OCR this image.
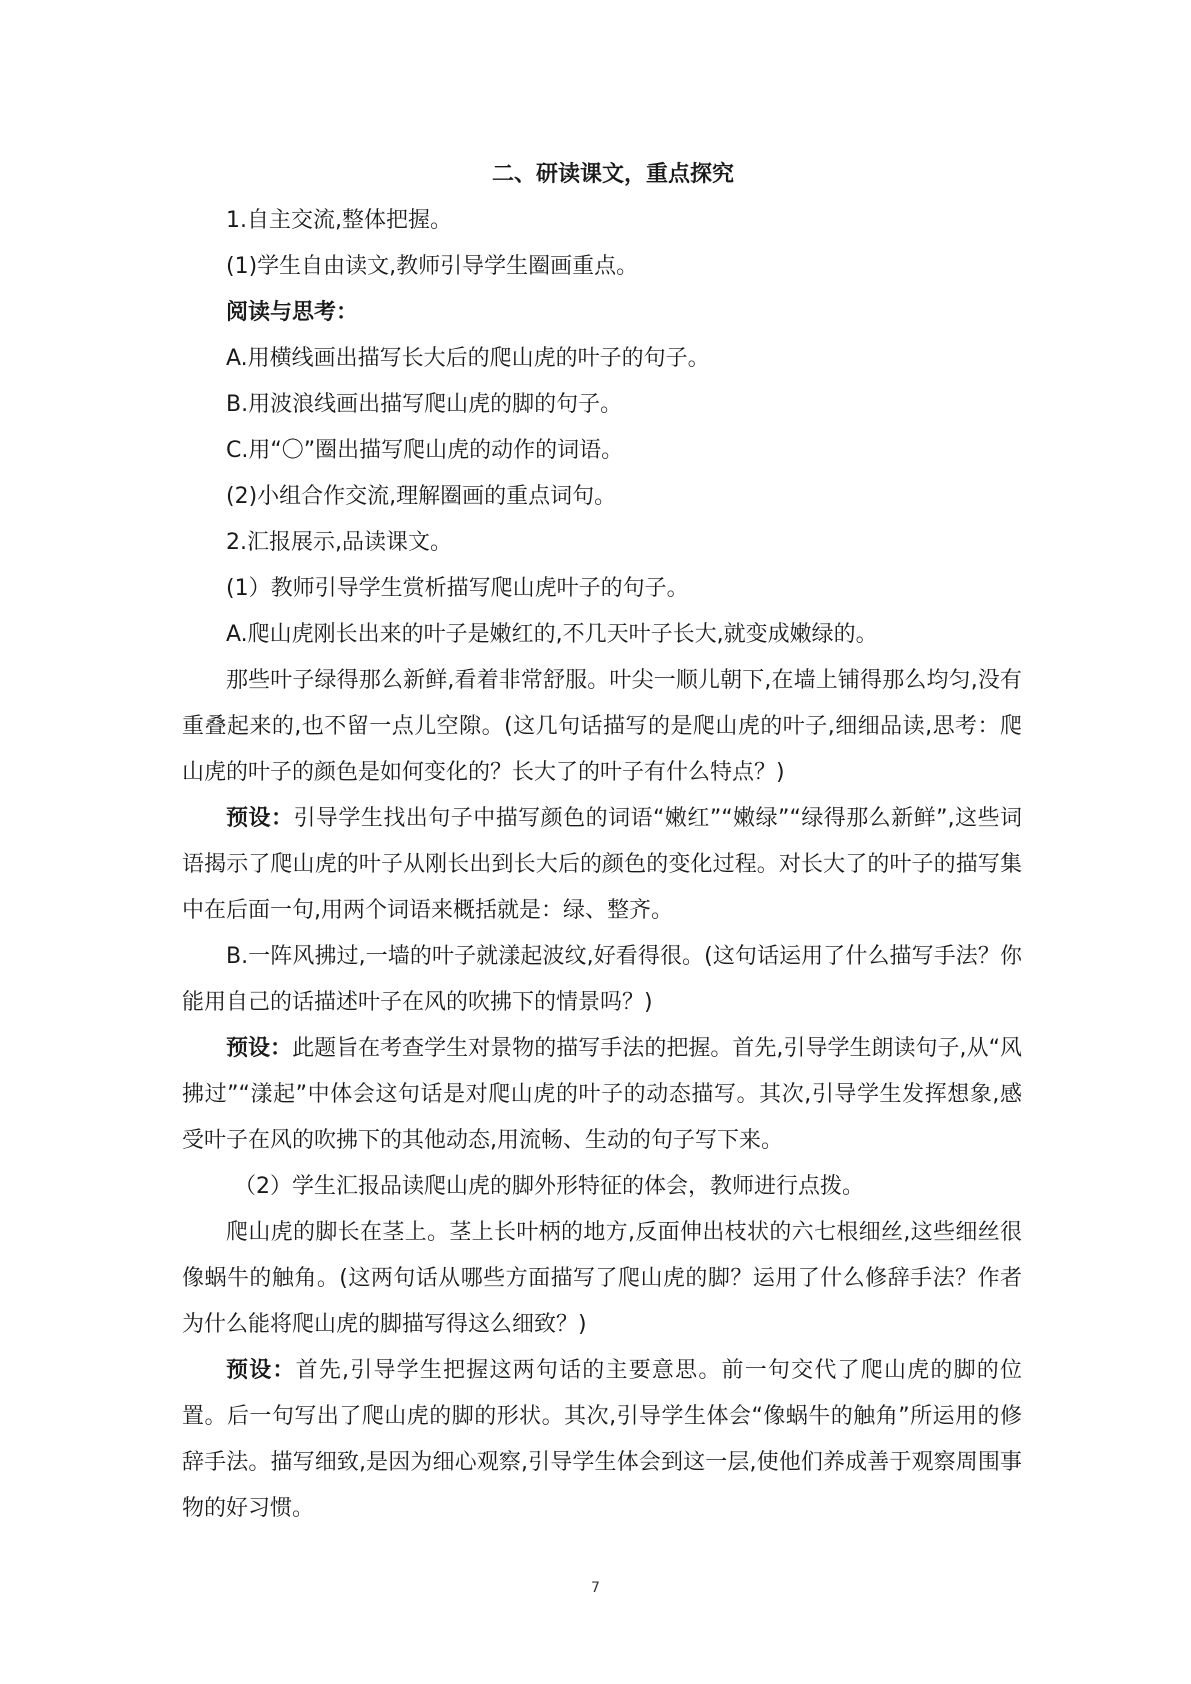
二、研读课文，重点探究

1.自主交流,整体把握。

(1)学生自由读文,教师引导学生圈画重点。

阅读与思考：

A.用横线画出描写长大后的爬山虎的叶子的句子。

B.用波浪线画出描写爬山虎的脚的句子。

C.用“〇”圈出描写爬山虎的动作的词语。

(2)小组合作交流,理解圈画的重点词句。

2.汇报展示,品读课文。

(1）教师引导学生赏析描写爬山虎叶子的句子。

A.爬山虎刚长出来的叶子是嫩红的,不几天叶子长大,就变成嫩绿的。

那些叶子绿得那么新鲜,看着非常舒服。叶尖一顺儿朝下,在墙上铺得那么均匀,没有重叠起来的,也不留一点儿空隙。(这几句话描写的是爬山虎的叶子,细细品读,思考：爬山虎的叶子的颜色是如何变化的？长大了的叶子有什么特点？)

预设：引导学生找出句子中描写颜色的词语“嫩红”“嫩绿”“绿得那么新鲜”,这些词语揭示了爬山虎的叶子从刚长出到长大后的颜色的变化过程。对长大了的叶子的描写集中在后面一句,用两个词语来概括就是：绿、整齐。

B.一阵风拂过,一墙的叶子就漾起波纹,好看得很。(这句话运用了什么描写手法？你能用自己的话描述叶子在风的吹拂下的情景吗？)

预设：此题旨在考查学生对景物的描写手法的把握。首先,引导学生朗读句子,从“风拂过”“漾起”中体会这句话是对爬山虎的叶子的动态描写。其次,引导学生发挥想象,感受叶子在风的吹拂下的其他动态,用流畅、生动的句子写下来。

（2）学生汇报品读爬山虎的脚外形特征的体会，教师进行点拨。

爬山虎的脚长在茎上。茎上长叶柄的地方,反面伸出枝状的六七根细丝,这些细丝很像蜗牛的触角。(这两句话从哪些方面描写了爬山虎的脚？运用了什么修辞手法？作者为什么能将爬山虎的脚描写得这么细致？)

预设：首先,引导学生把握这两句话的主要意思。前一句交代了爬山虎的脚的位置。后一句写出了爬山虎的脚的形状。其次,引导学生体会“像蜗牛的触角”所运用的修辞手法。描写细致,是因为细心观察,引导学生体会到这一层,使他们养成善于观察周围事物的好习惯。

7
